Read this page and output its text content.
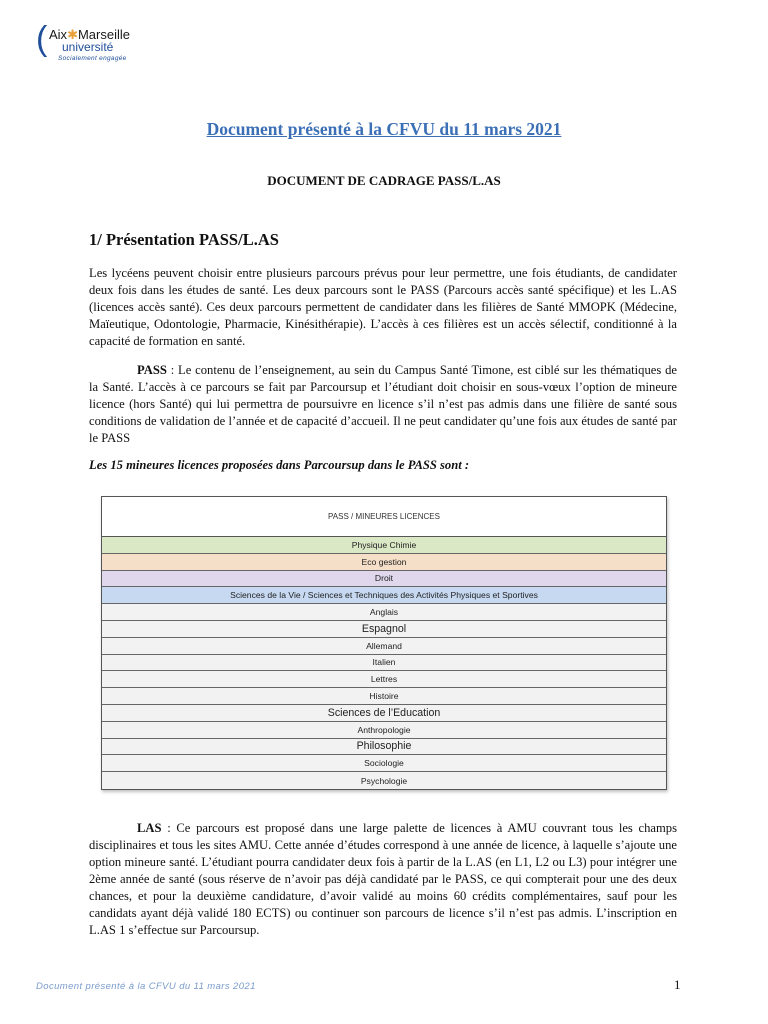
( Aix✱Marseille
université
Socialement engagée
Document présenté à la CFVU du 11 mars 2021
DOCUMENT DE CADRAGE PASS/L.AS
1/ Présentation PASS/L.AS

Les lycéens peuvent choisir entre plusieurs parcours prévus pour leur permettre, une fois étudiants, de candidater deux fois dans les études de santé. Les deux parcours sont le PASS (Parcours accès santé spécifique) et les L.AS (licences accès santé). Ces deux parcours permettent de candidater dans les filières de Santé MMOPK (Médecine, Maïeutique, Odontologie, Pharmacie, Kinésithérapie). L’accès à ces filières est un accès sélectif, conditionné à la capacité de formation en santé.

PASS : Le contenu de l’enseignement, au sein du Campus Santé Timone, est ciblé sur les thématiques de la Santé. L’accès à ce parcours se fait par Parcoursup et l’étudiant doit choisir en sous-vœux l’option de mineure licence (hors Santé) qui lui permettra de poursuivre en licence s’il n’est pas admis dans une filière de santé sous conditions de validation de l’année et de capacité d’accueil. Il ne peut candidater qu’une fois aux études de santé par le PASS

Les 15 mineures licences proposées dans Parcoursup dans le PASS sont :
PASS / MINEURES LICENCES
Physique Chimie
Eco gestion
Droit
Sciences de la Vie / Sciences et Techniques des Activités Physiques et Sportives
Anglais
Espagnol
Allemand
Italien
Lettres
Histoire
Sciences de l’Education
Anthropologie
Philosophie
Sociologie
Psychologie

LAS : Ce parcours est proposé dans une large palette de licences à AMU couvrant tous les champs disciplinaires et tous les sites AMU. Cette année d’études correspond à une année de licence, à laquelle s’ajoute une option mineure santé. L’étudiant pourra candidater deux fois à partir de la L.AS (en L1, L2 ou L3) pour intégrer une 2ème année de santé (sous réserve de n’avoir pas déjà candidaté par le PASS, ce qui compterait pour une des deux chances, et pour la deuxième candidature, d’avoir validé au moins 60 crédits complémentaires, sauf pour les candidats ayant déjà validé 180 ECTS) ou continuer son parcours de licence s’il n’est pas admis. L’inscription en L.AS 1 s’effectue sur Parcoursup.

Document présenté à la CFVU du 11 mars 2021	1
